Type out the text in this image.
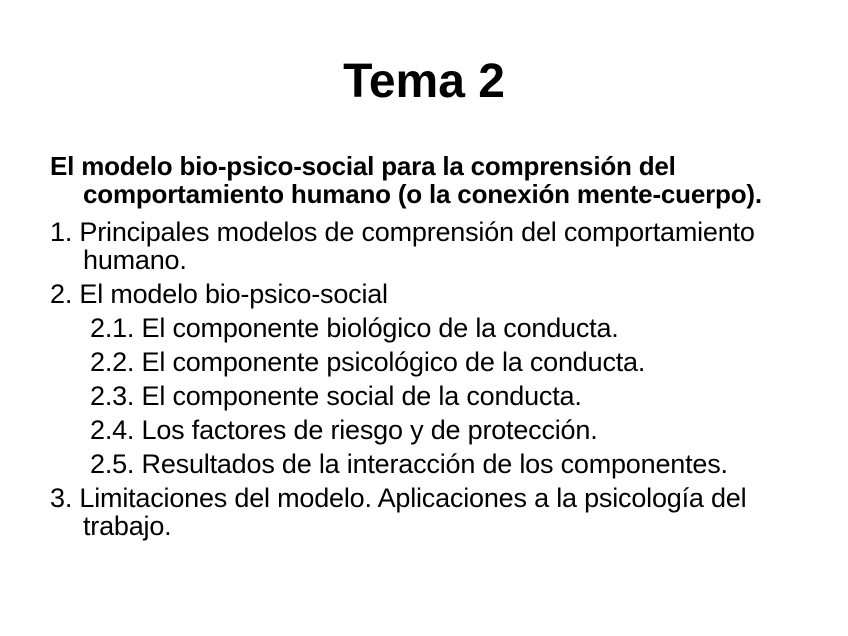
Tema 2

El modelo bio-psico-social para la comprensión del comportamiento humano (o la conexión mente-cuerpo).

1. Principales modelos de comprensión del comportamiento humano.

2. El modelo bio-psico-social

2.1. El componente biológico de la conducta.

2.2. El componente psicológico de la conducta.

2.3. El componente social de la conducta.

2.4. Los factores de riesgo y de protección.

2.5. Resultados de la interacción de los componentes.

3. Limitaciones del modelo. Aplicaciones a la psicología del trabajo.
